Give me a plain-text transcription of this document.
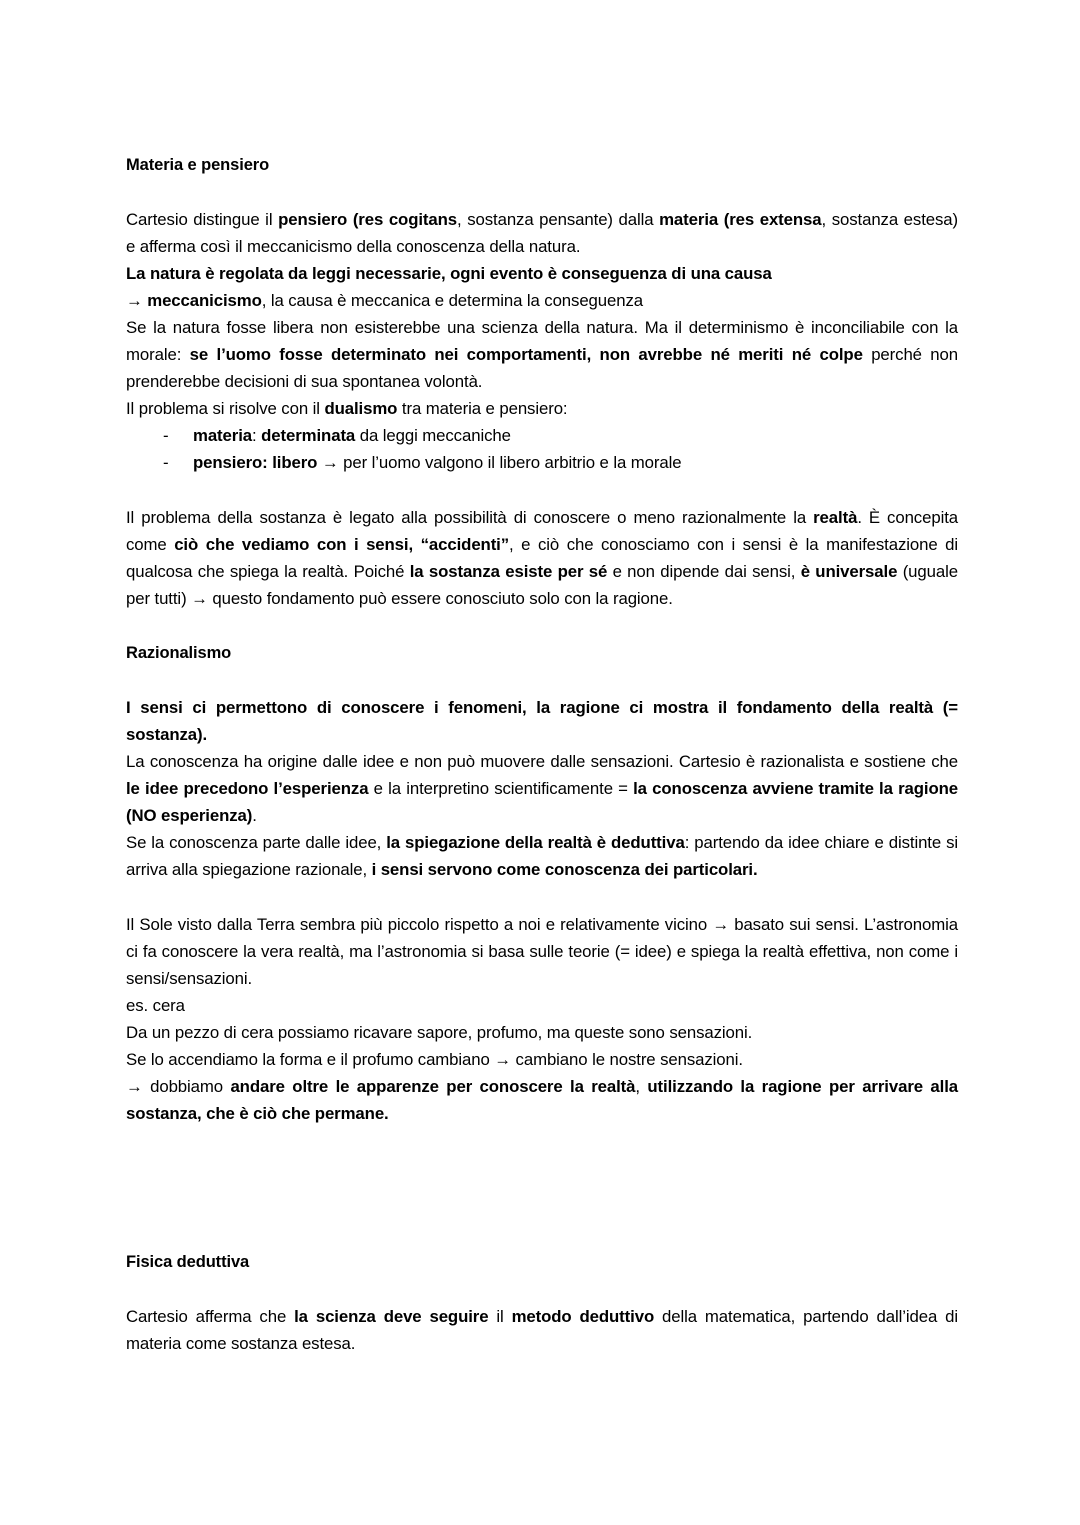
Materia e pensiero

Cartesio distingue il pensiero (res cogitans, sostanza pensante) dalla materia (res extensa, sostanza estesa) e afferma così il meccanicismo della conoscenza della natura.

La natura è regolata da leggi necessarie, ogni evento è conseguenza di una causa

→ meccanicismo, la causa è meccanica e determina la conseguenza

Se la natura fosse libera non esisterebbe una scienza della natura. Ma il determinismo è inconciliabile con la morale: se l’uomo fosse determinato nei comportamenti, non avrebbe né meriti né colpe perché non prenderebbe decisioni di sua spontanea volontà.

Il problema si risolve con il dualismo tra materia e pensiero:

- materia: determinata da leggi meccaniche
- pensiero: libero → per l’uomo valgono il libero arbitrio e la morale

Il problema della sostanza è legato alla possibilità di conoscere o meno razionalmente la realtà. È concepita come ciò che vediamo con i sensi, “accidenti”, e ciò che conosciamo con i sensi è la manifestazione di qualcosa che spiega la realtà. Poiché la sostanza esiste per sé e non dipende dai sensi, è universale (uguale per tutti) → questo fondamento può essere conosciuto solo con la ragione.

Razionalismo

I sensi ci permettono di conoscere i fenomeni, la ragione ci mostra il fondamento della realtà (= sostanza).

La conoscenza ha origine dalle idee e non può muovere dalle sensazioni. Cartesio è razionalista e sostiene che le idee precedono l’esperienza e la interpretino scientificamente = la conoscenza avviene tramite la ragione (NO esperienza).

Se la conoscenza parte dalle idee, la spiegazione della realtà è deduttiva: partendo da idee chiare e distinte si arriva alla spiegazione razionale, i sensi servono come conoscenza dei particolari.

Il Sole visto dalla Terra sembra più piccolo rispetto a noi e relativamente vicino → basato sui sensi. L’astronomia ci fa conoscere la vera realtà, ma l’astronomia si basa sulle teorie (= idee) e spiega la realtà effettiva, non come i sensi/sensazioni.

es. cera

Da un pezzo di cera possiamo ricavare sapore, profumo, ma queste sono sensazioni.

Se lo accendiamo la forma e il profumo cambiano → cambiano le nostre sensazioni.

→ dobbiamo andare oltre le apparenze per conoscere la realtà, utilizzando la ragione per arrivare alla sostanza, che è ciò che permane.

Fisica deduttiva

Cartesio afferma che la scienza deve seguire il metodo deduttivo della matematica, partendo dall’idea di materia come sostanza estesa.
